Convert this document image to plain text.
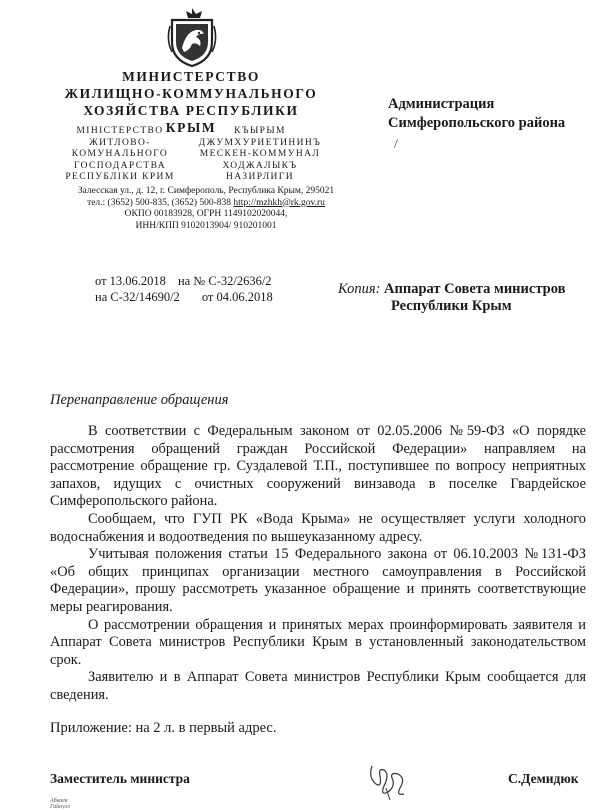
МИНИСТЕРСТВО
ЖИЛИЩНО-КОММУНАЛЬНОГО
ХОЗЯЙСТВА РЕСПУБЛИКИ КРЫМ
МІНІСТЕРСТВО
ЖИТЛОВО-
КОМУНАЛЬНОГО
ГОСПОДАРСТВА
РЕСПУБЛІКИ КРИМ
КЪЫРЫМ
ДЖУМХУРИЕТИНИНЪ
МЕСКЕН-КОММУНАЛ
ХОДЖАЛЫКЪ
НАЗИРЛИГИ
Залесская ул., д. 12, г. Симферополь, Республика Крым, 295021
тел.: (3652) 500-835, (3652) 500-838 http://mzhkh@rk.gov.ru
ОКПО 00183928, ОГРН 1149102020044,
ИНН/КПП 9102013904/ 910201001
Администрация
Симферопольского района
/
от 13.06.2018 на № С-32/2636/2
на С-32/14690/2 от 04.06.2018	Копия: Аппарат Совета министров
Республики Крым
Перенаправление обращения

В соответствии с Федеральным законом от 02.05.2006 №59-ФЗ «О порядке рассмотрения обращений граждан Российской Федерации» направляем на рассмотрение обращение гр. Суздалевой Т.П., поступившее по вопросу неприятных запахов, идущих с очистных сооружений винзавода в поселке Гвардейское Симферопольского района.

Сообщаем, что ГУП РК «Вода Крыма» не осуществляет услуги холодного водоснабжения и водоотведения по вышеуказанному адресу.

Учитывая положения статьи 15 Федерального закона от 06.10.2003 №131-ФЗ «Об общих принципах организации местного самоуправления в Российской Федерации», прошу рассмотреть указанное обращение и принять соответствующие меры реагирования.

О рассмотрении обращения и принятых мерах проинформировать заявителя и Аппарат Совета министров Республики Крым в установленный законодательством срок.

Заявителю и в Аппарат Совета министров Республики Крым сообщается для сведения.

Приложение: на 2 л. в первый адрес.
Заместитель министра	С.Демидюк
Абкаев
Гайнулл
